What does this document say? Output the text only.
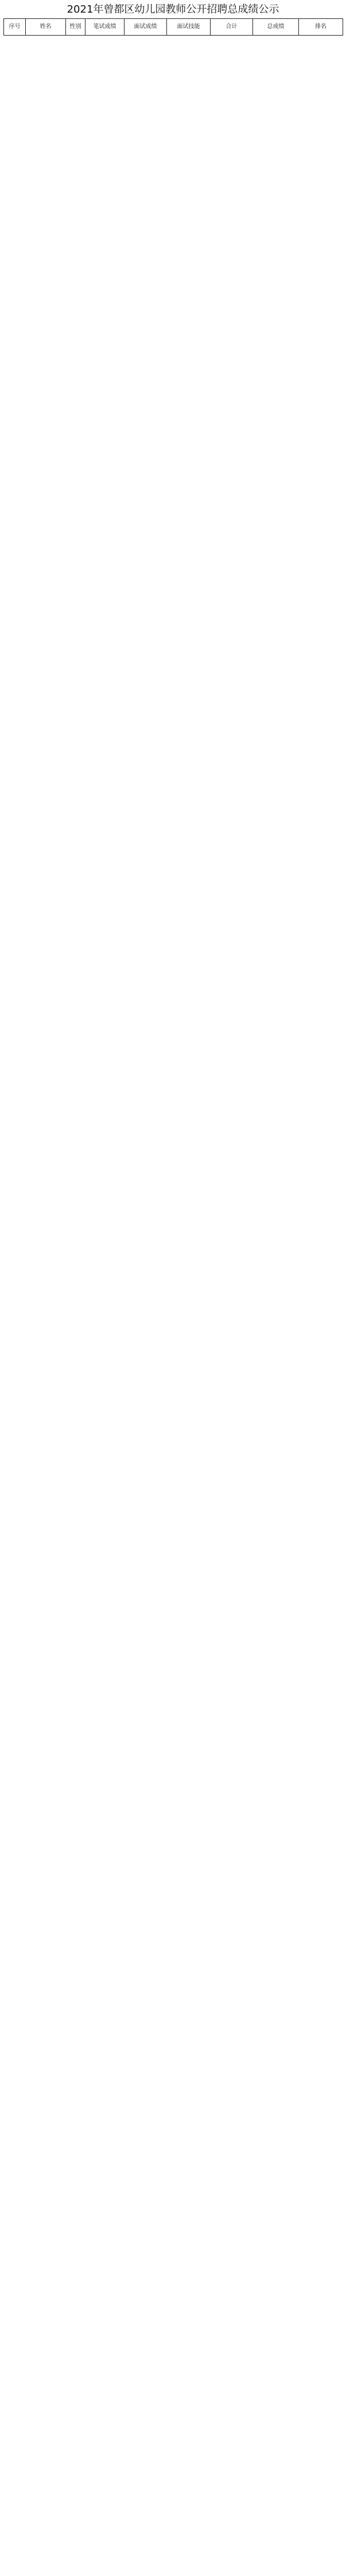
2021年曾都区幼儿园教师公开招聘总成绩公示
序号	姓名	性别	笔试成绩	面试成绩	面试技能	合计	总成绩	排名
